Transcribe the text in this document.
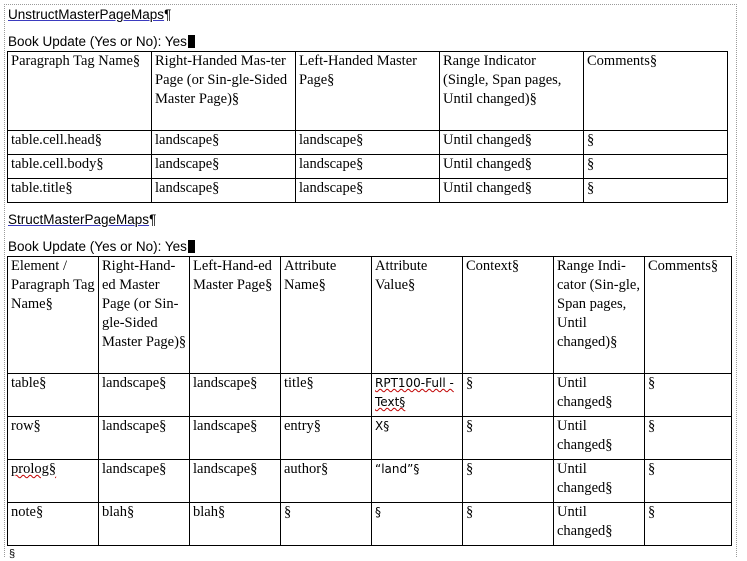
UnstructMasterPageMaps¶
Book Update (Yes or No): Yes
Paragraph Tag Name§	Right-Handed Mas-ter Page (or Sin-gle-Sided Master Page)§	Left-Handed Master Page§	Range Indicator (Single, Span pages, Until changed)§	Comments§
table.cell.head§	landscape§	landscape§	Until changed§	§
table.cell.body§	landscape§	landscape§	Until changed§	§
table.title§	landscape§	landscape§	Until changed§	§
StructMasterPageMaps¶
Book Update (Yes or No): Yes
Element / Paragraph Tag Name§	Right-Hand-ed Master Page (or Sin-gle-Sided Master Page)§	Left-Hand-ed Master Page§	Attribute Name§	Attribute Value§	Context§	Range Indi-cator (Sin-gle, Span pages, Until changed)§	Comments§
table§	landscape§	landscape§	title§	RPT100-Full - Text§	§	Until changed§	§
row§	landscape§	landscape§	entry§	X§	§	Until changed§	§
prolog§	landscape§	landscape§	author§	“land”§	§	Until changed§	§
note§	blah§	blah§	§	§	§	Until changed§	§
§
